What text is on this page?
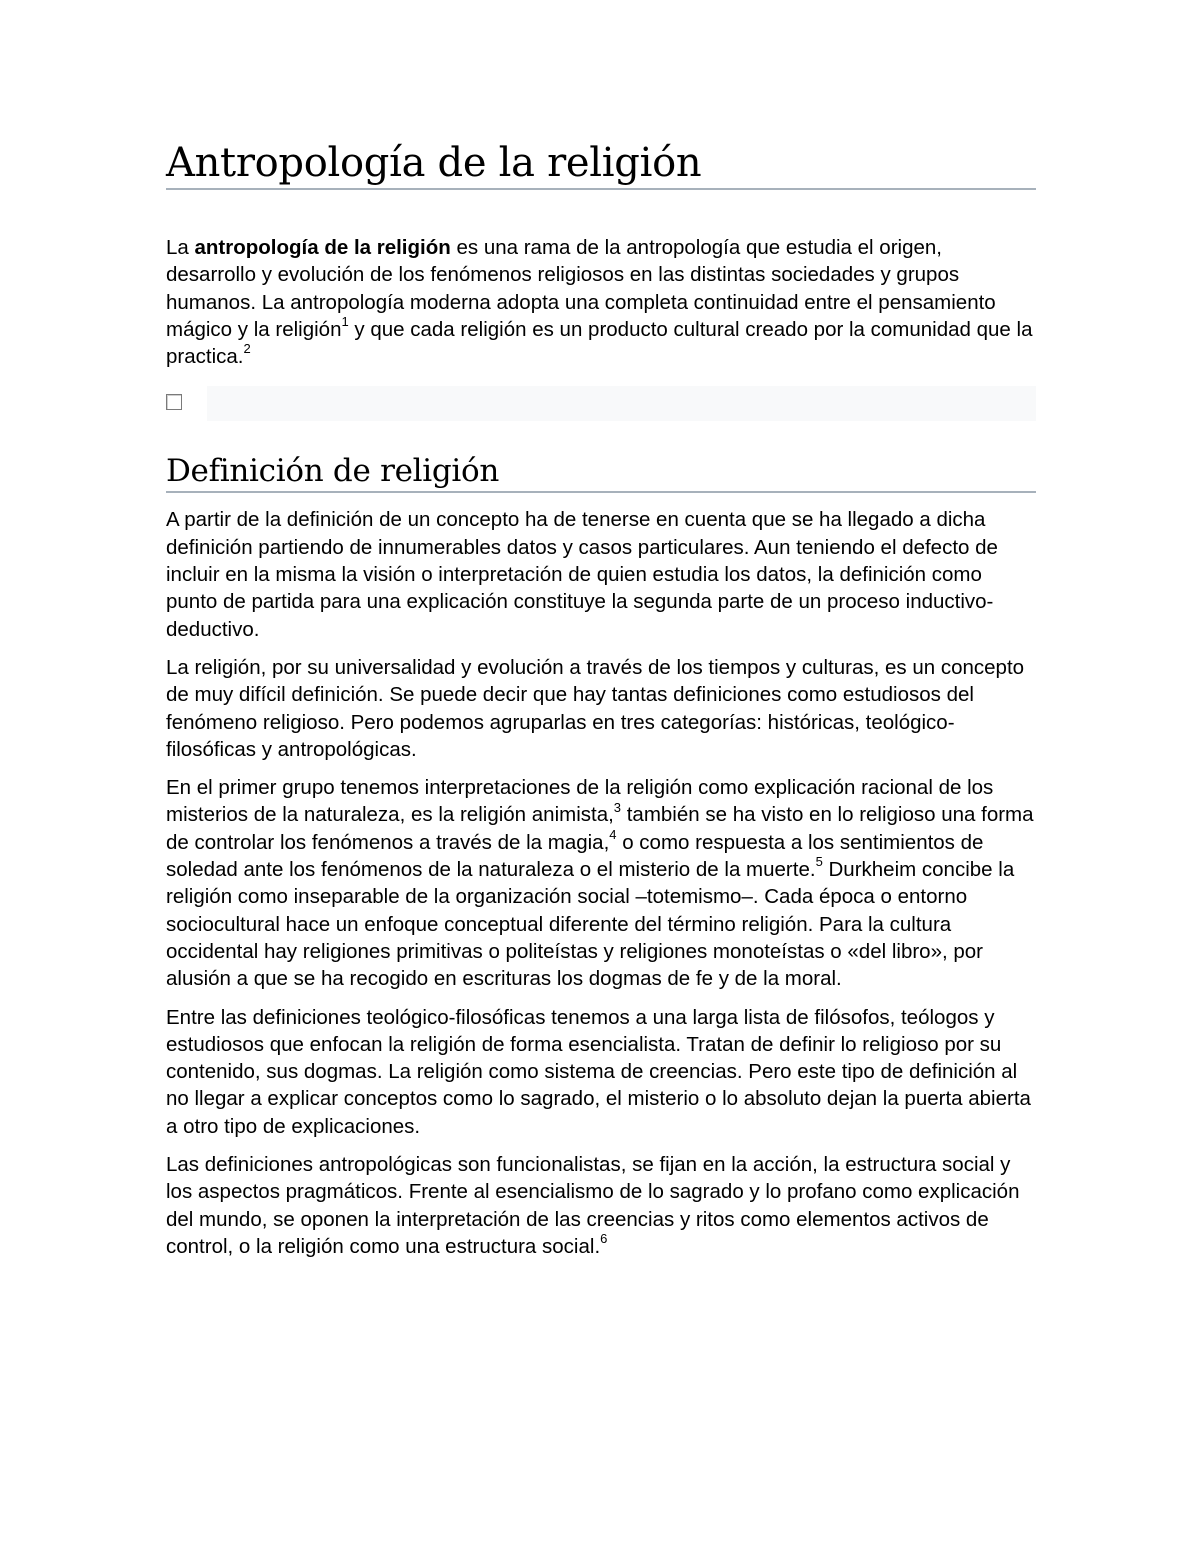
Antropología de la religión

La antropología de la religión es una rama de la antropología que estudia el origen, desarrollo y evolución de los fenómenos religiosos en las distintas sociedades y grupos humanos. La antropología moderna adopta una completa continuidad entre el pensamiento mágico y la religión$^1$ y que cada religión es un producto cultural creado por la comunidad que la practica.$^2$

Definición de religión

A partir de la definición de un concepto ha de tenerse en cuenta que se ha llegado a dicha definición partiendo de innumerables datos y casos particulares. Aun teniendo el defecto de incluir en la misma la visión o interpretación de quien estudia los datos, la definición como punto de partida para una explicación constituye la segunda parte de un proceso inductivo-deductivo.

La religión, por su universalidad y evolución a través de los tiempos y culturas, es un concepto de muy difícil definición. Se puede decir que hay tantas definiciones como estudiosos del fenómeno religioso. Pero podemos agruparlas en tres categorías: históricas, teológico-filosóficas y antropológicas.

En el primer grupo tenemos interpretaciones de la religión como explicación racional de los misterios de la naturaleza, es la religión animista,$^3$ también se ha visto en lo religioso una forma de controlar los fenómenos a través de la magia,$^4$ o como respuesta a los sentimientos de soledad ante los fenómenos de la naturaleza o el misterio de la muerte.$^5$ Durkheim concibe la religión como inseparable de la organización social –totemismo–. Cada época o entorno sociocultural hace un enfoque conceptual diferente del término religión. Para la cultura occidental hay religiones primitivas o politeístas y religiones monoteístas o «del libro», por alusión a que se ha recogido en escrituras los dogmas de fe y de la moral.

Entre las definiciones teológico-filosóficas tenemos a una larga lista de filósofos, teólogos y estudiosos que enfocan la religión de forma esencialista. Tratan de definir lo religioso por su contenido, sus dogmas. La religión como sistema de creencias. Pero este tipo de definición al no llegar a explicar conceptos como lo sagrado, el misterio o lo absoluto dejan la puerta abierta a otro tipo de explicaciones.

Las definiciones antropológicas son funcionalistas, se fijan en la acción, la estructura social y los aspectos pragmáticos. Frente al esencialismo de lo sagrado y lo profano como explicación del mundo, se oponen la interpretación de las creencias y ritos como elementos activos de control, o la religión como una estructura social.$^6$
